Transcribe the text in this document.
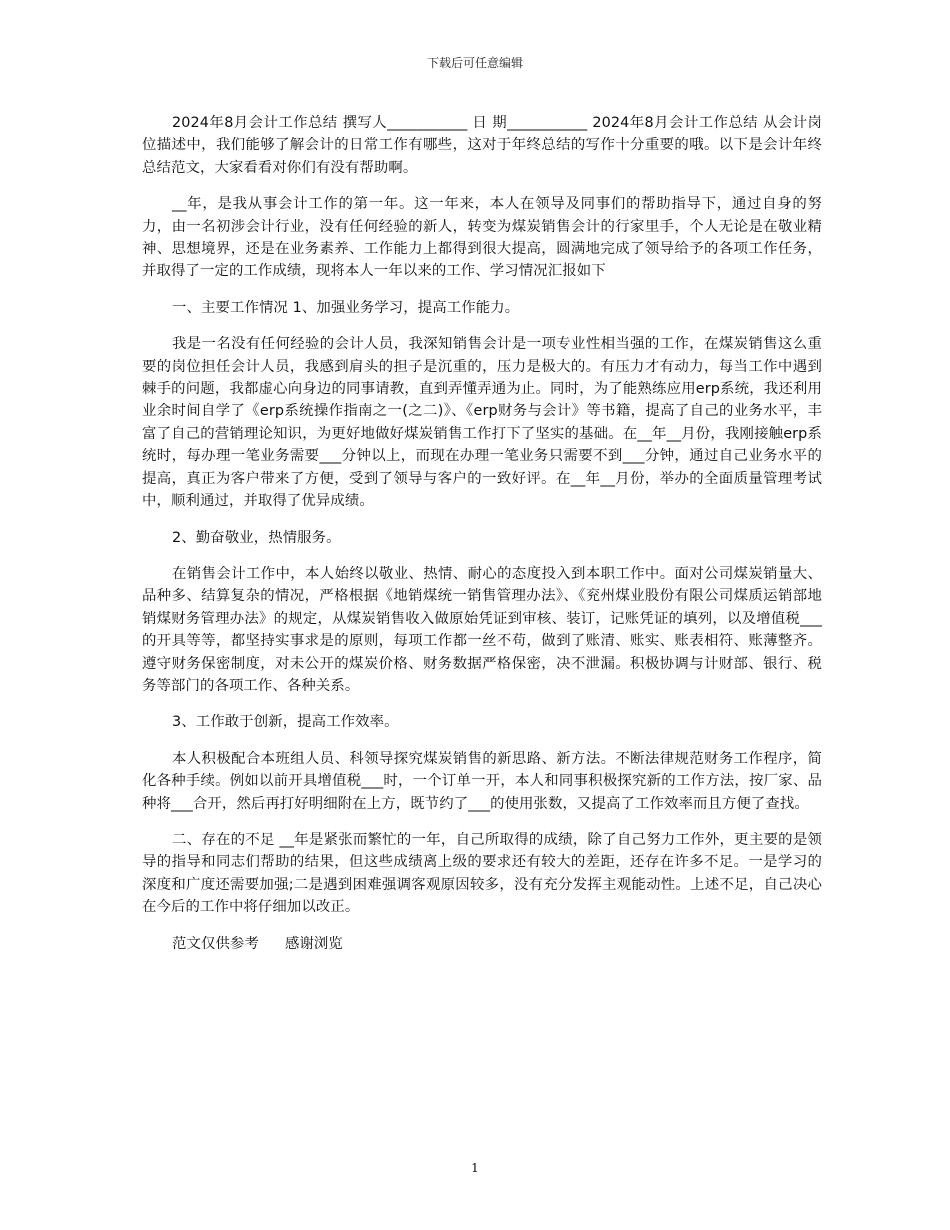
下载后可任意编辑

2024年8月会计工作总结 撰写人___________ 日 期___________ 2024年8月会计工作总结 从会计岗位描述中，我们能够了解会计的日常工作有哪些，这对于年终总结的写作十分重要的哦。以下是会计年终总结范文，大家看看对你们有没有帮助啊。

__年，是我从事会计工作的第一年。这一年来，本人在领导及同事们的帮助指导下，通过自身的努力，由一名初涉会计行业，没有任何经验的新人，转变为煤炭销售会计的行家里手，个人无论是在敬业精神、思想境界，还是在业务素养、工作能力上都得到很大提高，圆满地完成了领导给予的各项工作任务，并取得了一定的工作成绩，现将本人一年以来的工作、学习情况汇报如下

一、主要工作情况 1、加强业务学习，提高工作能力。

我是一名没有任何经验的会计人员，我深知销售会计是一项专业性相当强的工作，在煤炭销售这么重要的岗位担任会计人员，我感到肩头的担子是沉重的，压力是极大的。有压力才有动力，每当工作中遇到棘手的问题，我都虚心向身边的同事请教，直到弄懂弄通为止。同时，为了能熟练应用erp系统，我还利用业余时间自学了《erp系统操作指南之一(之二)》、《erp财务与会计》等书籍，提高了自己的业务水平，丰富了自己的营销理论知识，为更好地做好煤炭销售工作打下了坚实的基础。在__年__月份，我刚接触erp系统时，每办理一笔业务需要___分钟以上，而现在办理一笔业务只需要不到___分钟，通过自己业务水平的提高，真正为客户带来了方便，受到了领导与客户的一致好评。在__年__月份，举办的全面质量管理考试中，顺利通过，并取得了优异成绩。

2、勤奋敬业，热情服务。

在销售会计工作中，本人始终以敬业、热情、耐心的态度投入到本职工作中。面对公司煤炭销量大、品种多、结算复杂的情况，严格根据《地销煤统一销售管理办法》、《兖州煤业股份有限公司煤质运销部地销煤财务管理办法》的规定，从煤炭销售收入做原始凭证到审核、装订，记账凭证的填列，以及增值税___的开具等等，都坚持实事求是的原则，每项工作都一丝不苟，做到了账清、账实、账表相符、账薄整齐。遵守财务保密制度，对未公开的煤炭价格、财务数据严格保密，决不泄漏。积极协调与计财部、银行、税务等部门的各项工作、各种关系。

3、工作敢于创新，提高工作效率。

本人积极配合本班组人员、科领导探究煤炭销售的新思路、新方法。不断法律规范财务工作程序，简化各种手续。例如以前开具增值税___时，一个订单一开，本人和同事积极探究新的工作方法，按厂家、品种将___合开，然后再打好明细附在上方，既节约了___的使用张数，又提高了工作效率而且方便了查找。

二、存在的不足 __年是紧张而繁忙的一年，自己所取得的成绩，除了自己努力工作外，更主要的是领导的指导和同志们帮助的结果，但这些成绩离上级的要求还有较大的差距，还存在许多不足。一是学习的深度和广度还需要加强;二是遇到困难强调客观原因较多，没有充分发挥主观能动性。上述不足，自己决心在今后的工作中将仔细加以改正。

范文仅供参考 感谢浏览

1
